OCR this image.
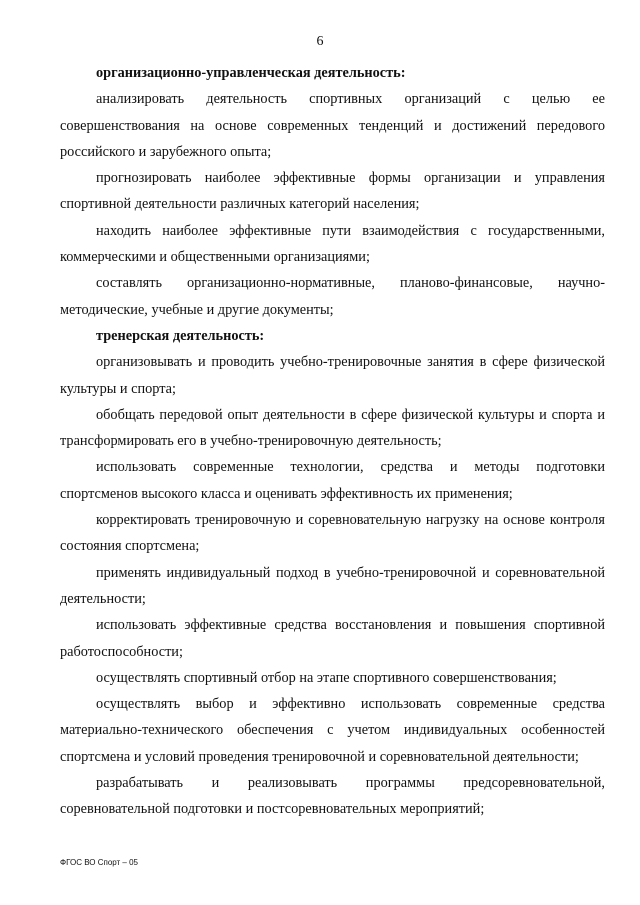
6

организационно-управленческая деятельность:

анализировать деятельность спортивных организаций с целью ее совершенствования на основе современных тенденций и достижений передового российского и зарубежного опыта;

прогнозировать наиболее эффективные формы организации и управления спортивной деятельности различных категорий населения;

находить наиболее эффективные пути взаимодействия с государственными, коммерческими и общественными организациями;

составлять организационно-нормативные, планово-финансовые, научно-методические, учебные и другие документы;

тренерская деятельность:

организовывать и проводить учебно-тренировочные занятия в сфере физической культуры и спорта;

обобщать передовой опыт деятельности в сфере физической культуры и спорта и трансформировать его в учебно-тренировочную деятельность;

использовать современные технологии, средства и методы подготовки спортсменов высокого класса и оценивать эффективность их применения;

корректировать тренировочную и соревновательную нагрузку на основе контроля состояния спортсмена;

применять индивидуальный подход в учебно-тренировочной и соревновательной деятельности;

использовать эффективные средства восстановления и повышения спортивной работоспособности;

осуществлять спортивный отбор на этапе спортивного совершенствования;

осуществлять выбор и эффективно использовать современные средства материально-технического обеспечения с учетом индивидуальных особенностей спортсмена и условий проведения тренировочной и соревновательной деятельности;

разрабатывать и реализовывать программы предсоревновательной, соревновательной подготовки и постсоревновательных мероприятий;

ФГОС ВО Спорт – 05
